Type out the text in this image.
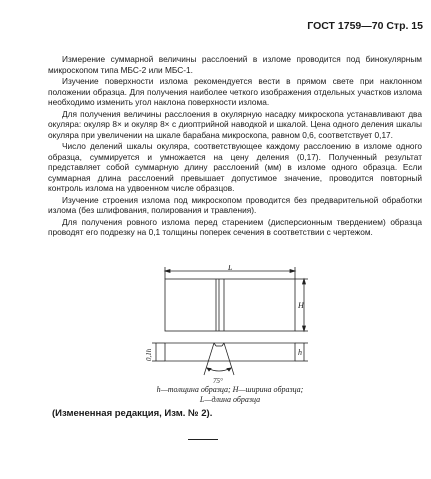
ГОСТ 1759—70 Стр. 15

Измерение суммарной величины расслоений в изломе проводится под бинокулярным микроскопом типа МБС-2 или МБС-1.

Изучение поверхности излома рекомендуется вести в прямом свете при наклонном положении образца. Для получения наиболее четкого изображения отдельных участков излома необходимо изменить угол наклона поверхности излома.

Для получения величины расслоения в окулярную насадку микроскопа устанавливают два окуляра: окуляр 8× и окуляр 8× с диоптрийной наводкой и шкалой. Цена одного деления шкалы окуляра при увеличении на шкале барабана микроскопа, равном 0,6, соответствует 0,17.

Число делений шкалы окуляра, соответствующее каждому расслоению в изломе одного образца, суммируется и умножается на цену деления (0,17). Полученный результат представляет собой суммарную длину расслоений (мм) в изломе одного образца. Если суммарная длина расслоений превышает допустимое значение, проводится повторный контроль излома на удвоенном числе образцов.

Изучение строения излома под микроскопом проводится без предварительной обработки излома (без шлифования, полирования и травления).

Для получения ровного излома перед старением (дисперсионным твердением) образца проводят его подрезку на 0,1 толщины поперек сечения в соответствии с чертежом.

L
H
h
0,1h
75°
h—толщина образца; H—ширина образца;
L—длина образца
(Измененная редакция, Изм. № 2).
